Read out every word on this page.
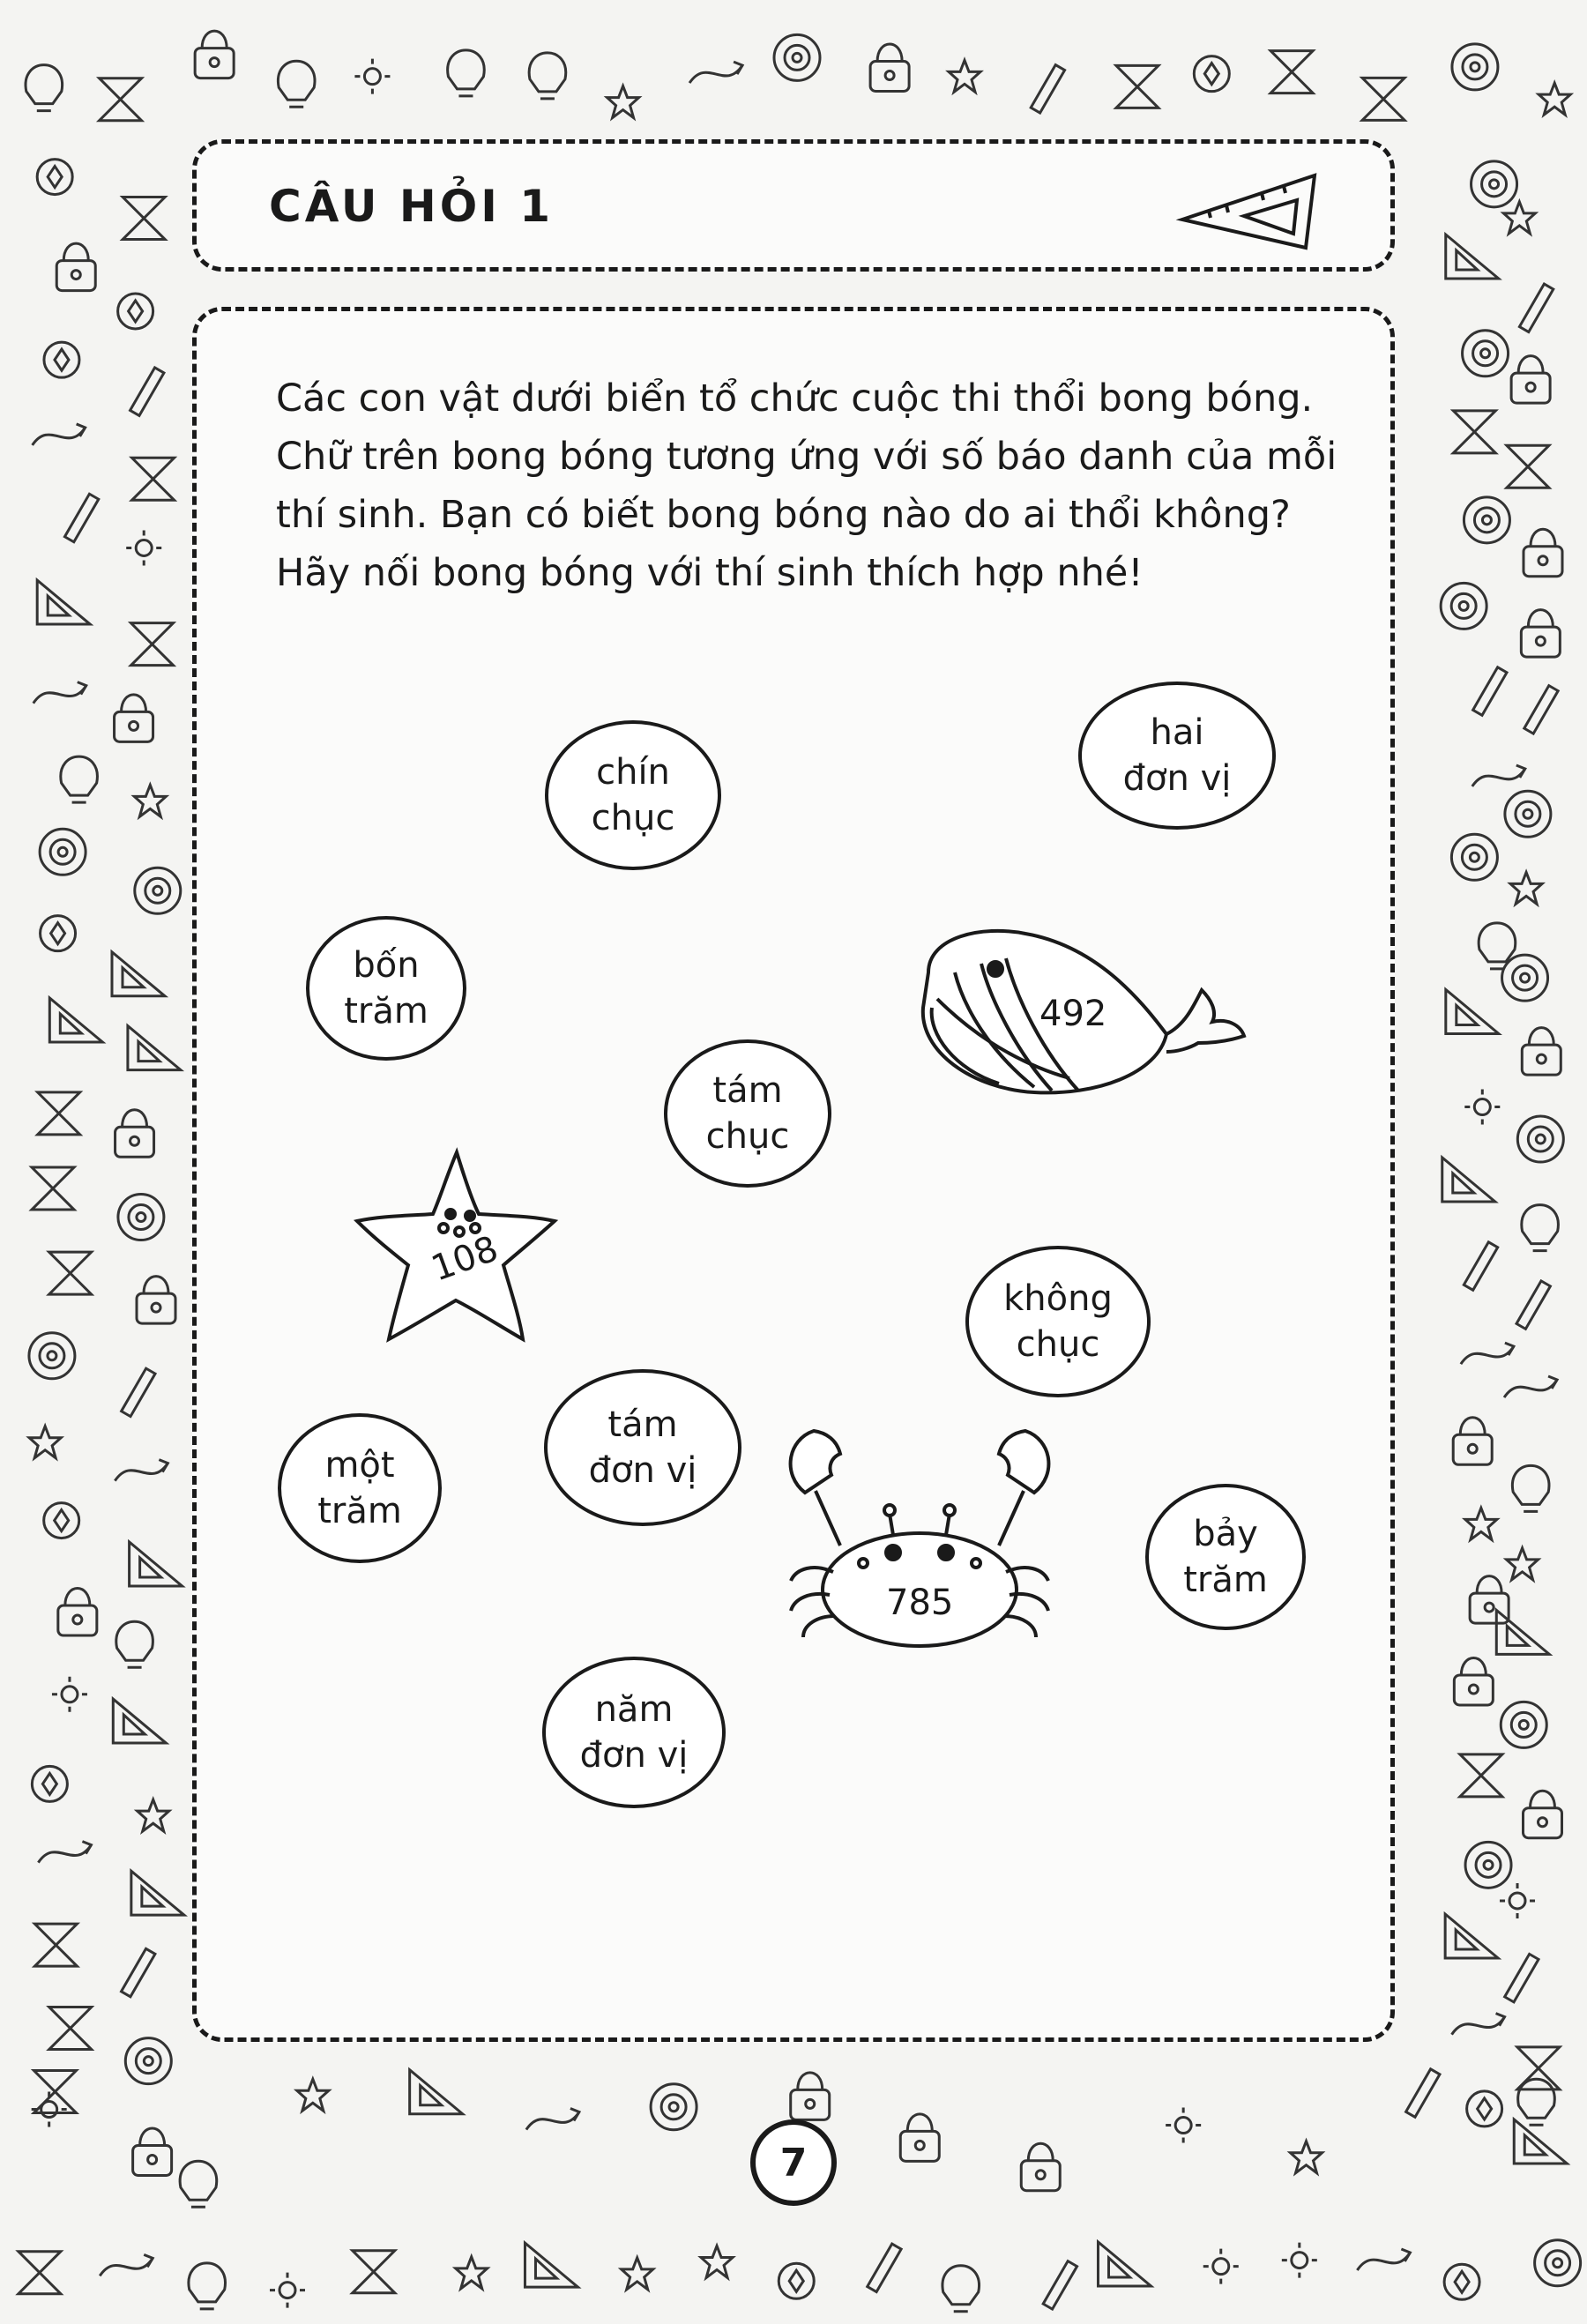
CÂU HỎI 1

Các con vật dưới biển tổ chức cuộc thi thổi bong bóng.

Chữ trên bong bóng tương ứng với số báo danh của mỗi

thí sinh. Bạn có biết bong bóng nào do ai thổi không?

Hãy nối bong bóng với thí sinh thích hợp nhé!

chín
chục
hai
đơn vị
bốn
trăm
tám
chục
không
chục
tám
đơn vị
một
trăm
bảy
trăm
năm
đơn vị
492
108
785
7
